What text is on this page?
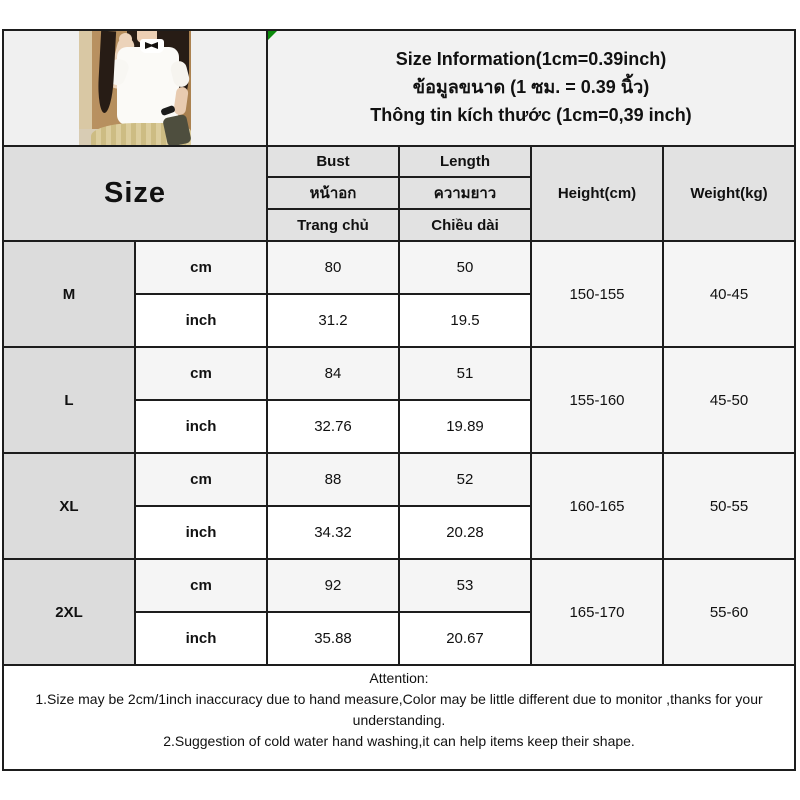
		Size Information(1cm=0.39inch)
ข้อมูลขนาด (1 ซม. = 0.39 นิ้ว)
Thông tin kích thước (1cm=0,39 inch)			

Size		Bust	Length	Height(cm)	Weight(kg)
		หน้าอก	ความยาว		
		Trang chủ	Chiều dài		
M	cm	80	50	150-155	40-45
	inch	31.2	19.5		
L	cm	84	51	155-160	45-50
	inch	32.76	19.89		
XL	cm	88	52	160-165	50-55
	inch	34.32	20.28		
2XL	cm	92	53	165-170	55-60
	inch	35.88	20.67		

Attention:
1.Size may be 2cm/1inch inaccuracy due to hand measure,Color may be little different due to monitor ,thanks for your understanding.
2.Suggestion of cold water hand washing,it can help items keep their shape.					
